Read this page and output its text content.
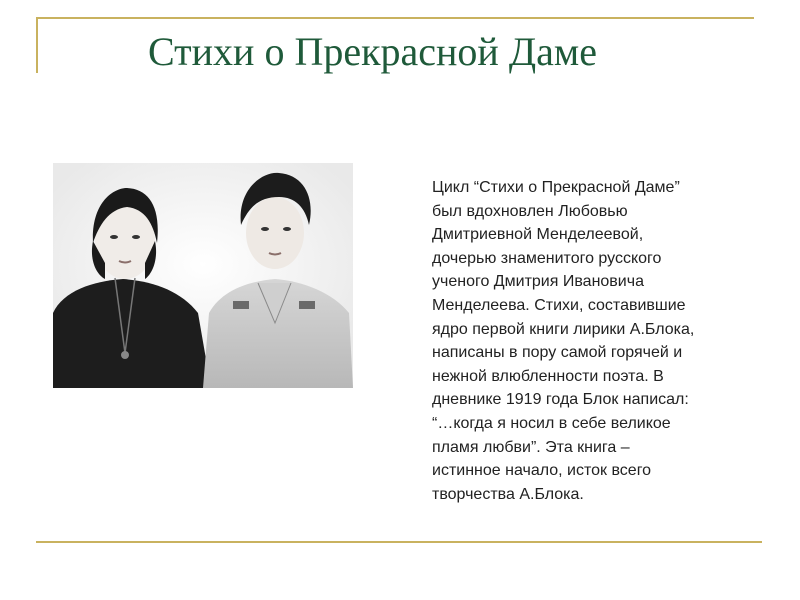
Стихи о Прекрасной Даме
Цикл “Стихи о Прекрасной Даме”
был вдохновлен Любовью
Дмитриевной Менделеевой,
дочерью знаменитого русского
ученого Дмитрия Ивановича
Менделеева. Стихи, составившие
ядро первой книги лирики А.Блока,
написаны в пору самой горячей и
нежной влюбленности поэта. В
дневнике 1919 года Блок написал:
“…когда я носил в себе великое
пламя любви”. Эта книга –
истинное начало, исток всего
творчества А.Блока.
